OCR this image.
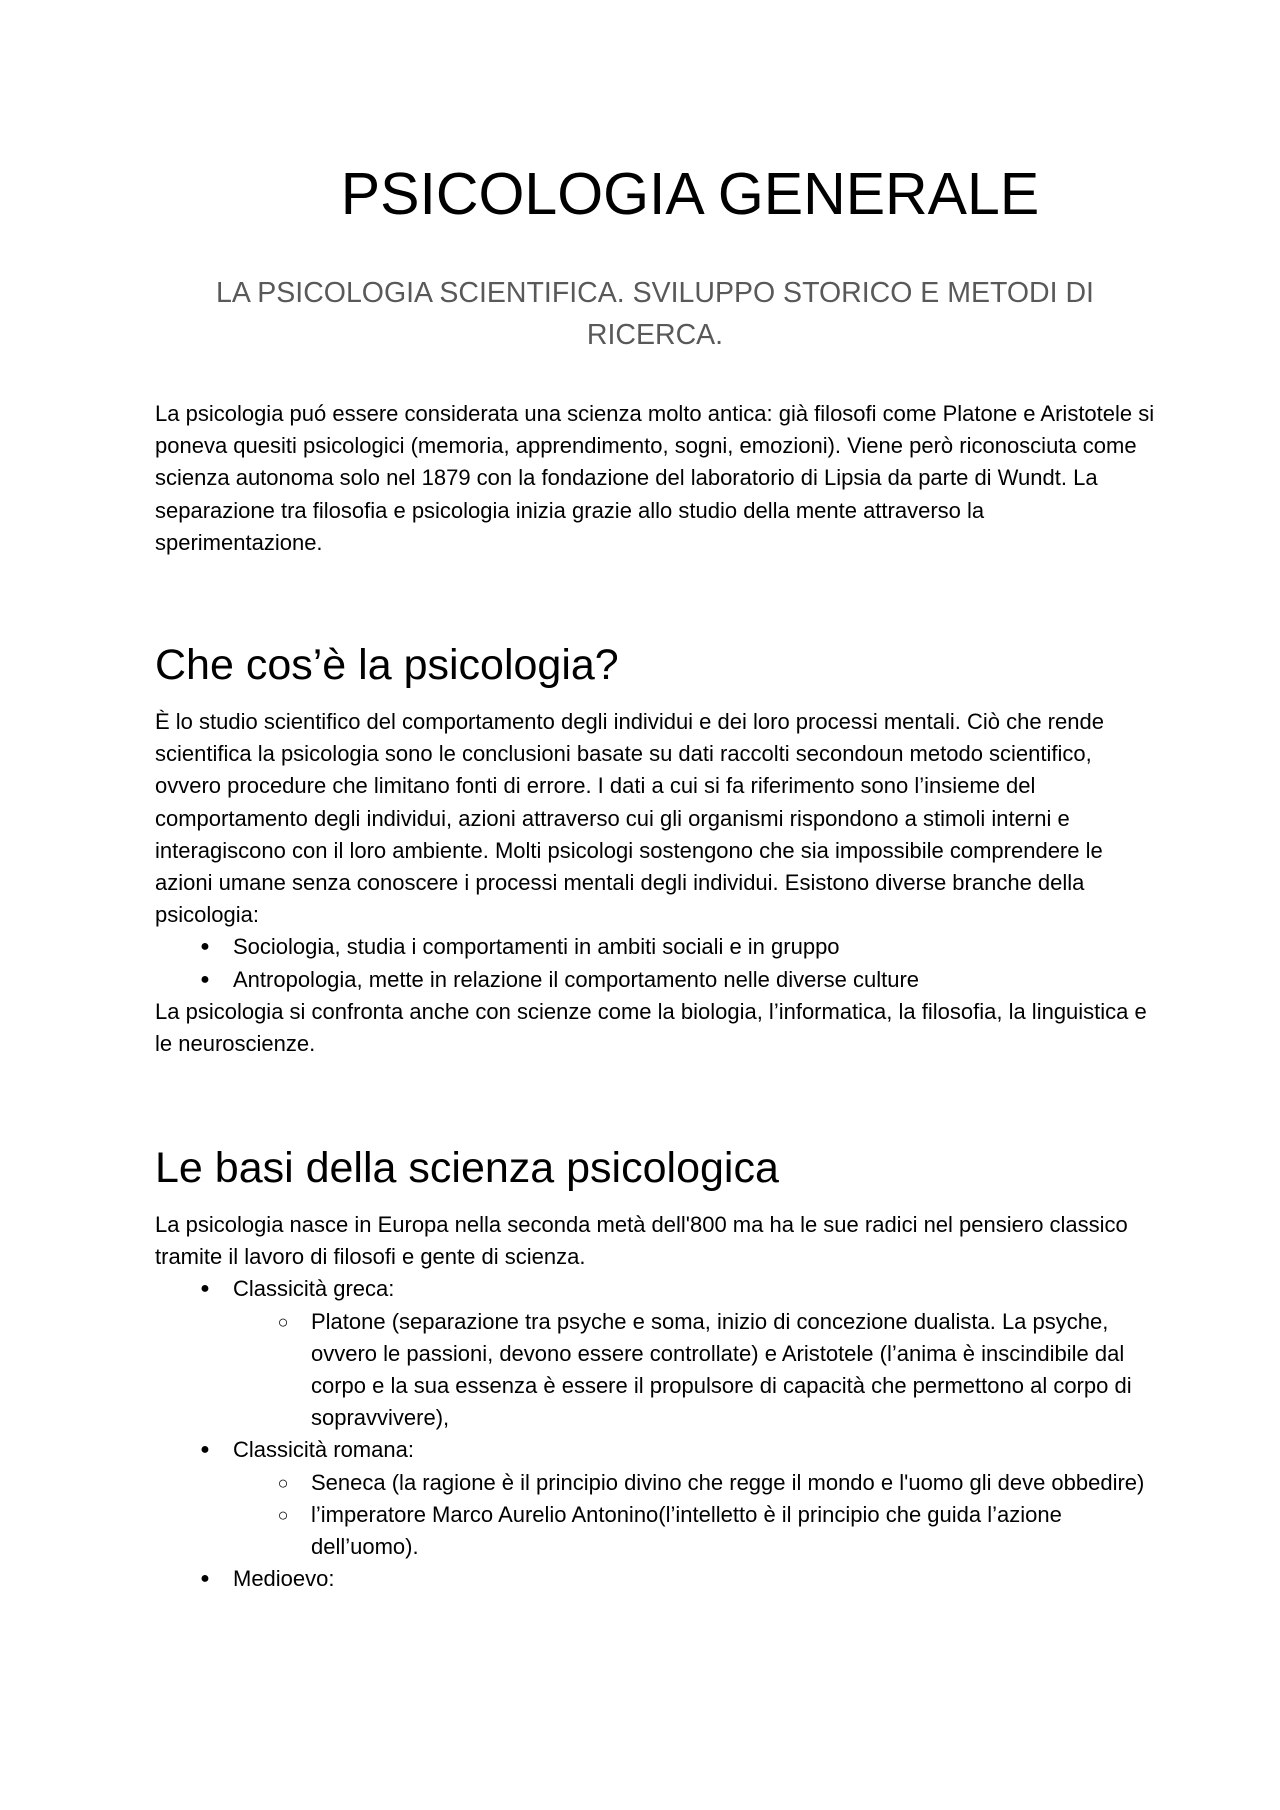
PSICOLOGIA GENERALE
LA PSICOLOGIA SCIENTIFICA. SVILUPPO STORICO E METODI DI RICERCA.

La psicologia puó essere considerata una scienza molto antica: già filosofi come Platone e Aristotele si poneva quesiti psicologici (memoria, apprendimento, sogni, emozioni). Viene però riconosciuta come scienza autonoma solo nel 1879 con la fondazione del laboratorio di Lipsia da parte di Wundt. La separazione tra filosofia e psicologia inizia grazie allo studio della mente attraverso la sperimentazione.

Che cos’è la psicologia?

È lo studio scientifico del comportamento degli individui e dei loro processi mentali. Ciò che rende scientifica la psicologia sono le conclusioni basate su dati raccolti secondoun metodo scientifico, ovvero procedure che limitano fonti di errore. I dati a cui si fa riferimento sono l’insieme del comportamento degli individui, azioni attraverso cui gli organismi rispondono a stimoli interni e interagiscono con il loro ambiente. Molti psicologi sostengono che sia impossibile comprendere le azioni umane senza conoscere i processi mentali degli individui. Esistono diverse branche della psicologia:

● Sociologia, studia i comportamenti in ambiti sociali e in gruppo
● Antropologia, mette in relazione il comportamento nelle diverse culture

La psicologia si confronta anche con scienze come la biologia, l’informatica, la filosofia, la linguistica e le neuroscienze.

Le basi della scienza psicologica

La psicologia nasce in Europa nella seconda metà dell'800 ma ha le sue radici nel pensiero classico tramite il lavoro di filosofi e gente di scienza.

● Classicità greca:
○ Platone (separazione tra psyche e soma, inizio di concezione dualista. La psyche, ovvero le passioni, devono essere controllate) e Aristotele (l’anima è inscindibile dal corpo e la sua essenza è essere il propulsore di capacità che permettono al corpo di sopravvivere),
● Classicità romana:
○ Seneca (la ragione è il principio divino che regge il mondo e l'uomo gli deve obbedire)
○ l’imperatore Marco Aurelio Antonino(l’intelletto è il principio che guida l’azione dell’uomo).
● Medioevo:
